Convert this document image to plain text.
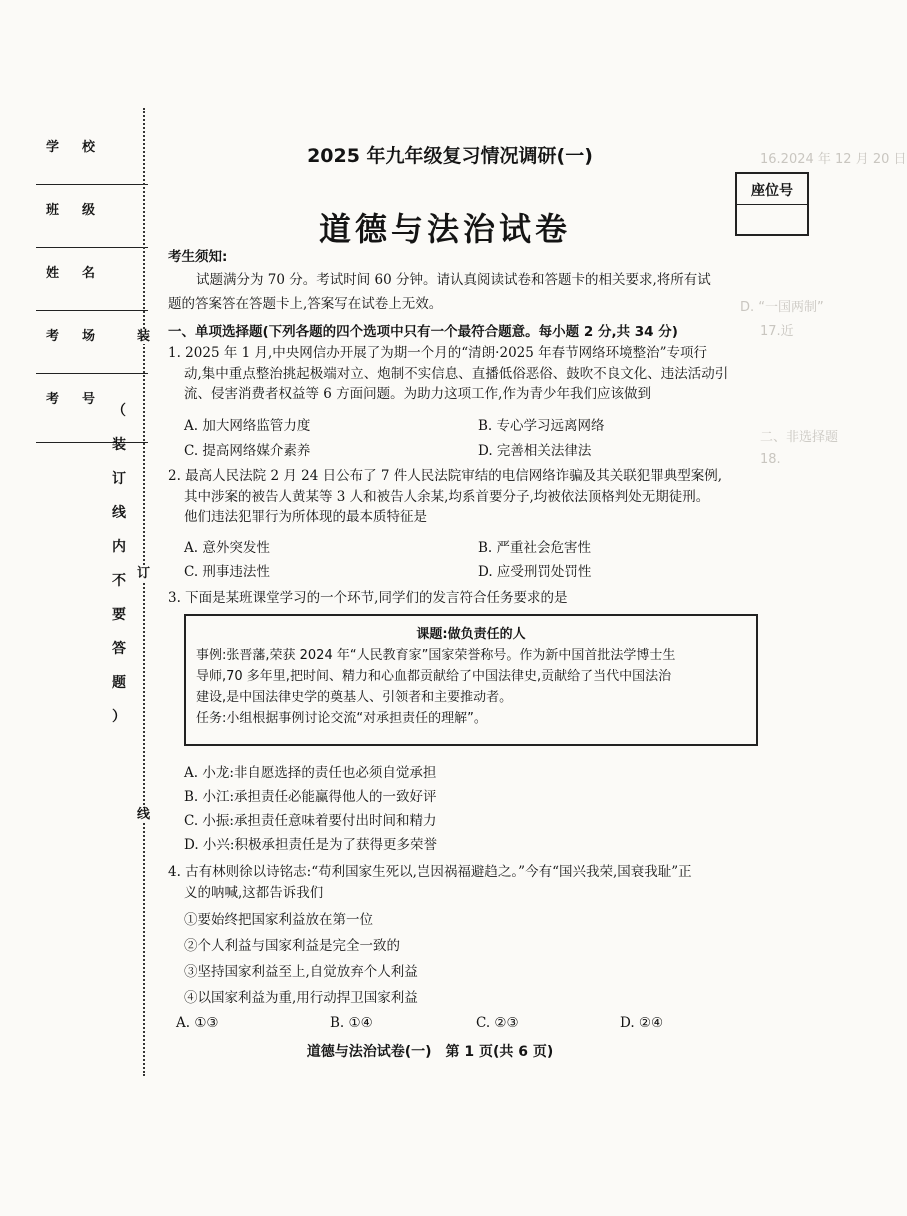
学 校
班 级
姓 名
考 场
考 号
装
订
线
（
装
订
线
内
不
要
答
题
）
16.2024 年 12 月 20 日
D. “一国两制”
17.近
二、非选择题
18.
2025 年九年级复习情况调研(一)
道德与法治试卷
座位号
考生须知:
试题满分为 70 分。考试时间 60 分钟。请认真阅读试卷和答题卡的相关要求,将所有试
题的答案答在答题卡上,答案写在试卷上无效。
一、单项选择题(下列各题的四个选项中只有一个最符合题意。每小题 2 分,共 34 分)
1. 2025 年 1 月,中央网信办开展了为期一个月的“清朗·2025 年春节网络环境整治”专项行
动,集中重点整治挑起极端对立、炮制不实信息、直播低俗恶俗、鼓吹不良文化、违法活动引
流、侵害消费者权益等 6 方面问题。为助力这项工作,作为青少年我们应该做到
A. 加大网络监管力度	B. 专心学习远离网络
C. 提高网络媒介素养	D. 完善相关法律法
2. 最高人民法院 2 月 24 日公布了 7 件人民法院审结的电信网络诈骗及其关联犯罪典型案例,
其中涉案的被告人黄某等 3 人和被告人余某,均系首要分子,均被依法顶格判处无期徒刑。
他们违法犯罪行为所体现的最本质特征是
A. 意外突发性	B. 严重社会危害性
C. 刑事违法性	D. 应受刑罚处罚性
3. 下面是某班课堂学习的一个环节,同学们的发言符合任务要求的是
课题:做负责任的人
事例:张晋藩,荣获 2024 年“人民教育家”国家荣誉称号。作为新中国首批法学博士生
导师,70 多年里,把时间、精力和心血都贡献给了中国法律史,贡献给了当代中国法治
建设,是中国法律史学的奠基人、引领者和主要推动者。
任务:小组根据事例讨论交流“对承担责任的理解”。
A. 小龙:非自愿选择的责任也必须自觉承担
B. 小江:承担责任必能赢得他人的一致好评
C. 小振:承担责任意味着要付出时间和精力
D. 小兴:积极承担责任是为了获得更多荣誉
4. 古有林则徐以诗铭志:“苟利国家生死以,岂因祸福避趋之。”今有“国兴我荣,国衰我耻”正
义的呐喊,这都告诉我们
①要始终把国家利益放在第一位
②个人利益与国家利益是完全一致的
③坚持国家利益至上,自觉放弃个人利益
④以国家利益为重,用行动捍卫国家利益
A. ①③	B. ①④	C. ②③	D. ②④
道德与法治试卷(一)　第 1 页(共 6 页)
